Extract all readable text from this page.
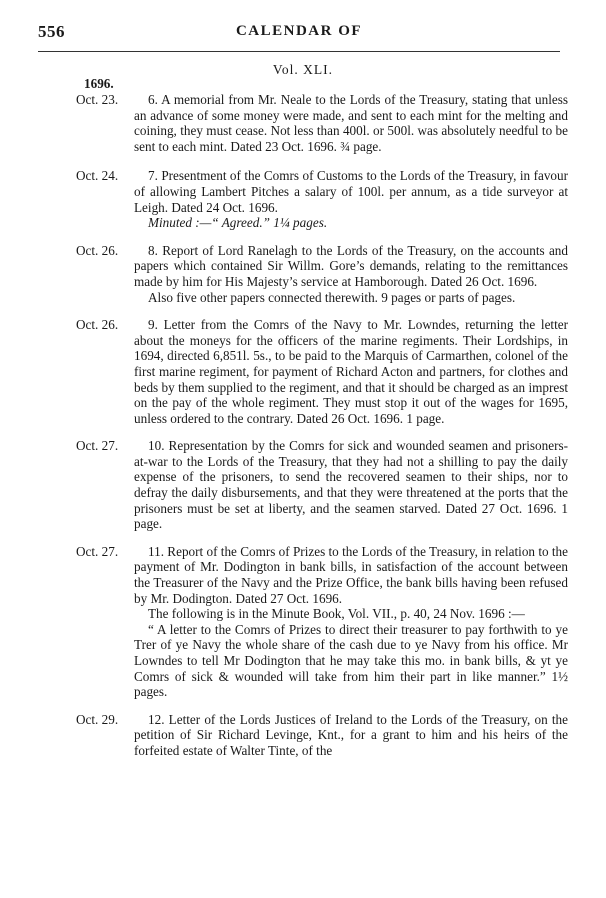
556	CALENDAR OF
Vol. XLI.
1696.
Oct. 23.	6. A memorial from Mr. Neale to the Lords of the Treasury, stating that unless an advance of some money were made, and sent to each mint for the melting and coining, they must cease. Not less than 400l. or 500l. was absolutely needful to be sent to each mint. Dated 23 Oct. 1696. ¾ page.

Oct. 24.	7. Presentment of the Comrs of Customs to the Lords of the Treasury, in favour of allowing Lambert Pitches a salary of 100l. per annum, as a tide surveyor at Leigh. Dated 24 Oct. 1696.

Minuted :—“ Agreed.” 1¼ pages.

Oct. 26.	8. Report of Lord Ranelagh to the Lords of the Treasury, on the accounts and papers which contained Sir Willm. Gore’s demands, relating to the remittances made by him for His Majesty’s service at Hamborough. Dated 26 Oct. 1696.

Also five other papers connected therewith. 9 pages or parts of pages.

Oct. 26.	9. Letter from the Comrs of the Navy to Mr. Lowndes, returning the letter about the moneys for the officers of the marine regiments. Their Lordships, in 1694, directed 6,851l. 5s., to be paid to the Marquis of Carmarthen, colonel of the first marine regiment, for payment of Richard Acton and partners, for clothes and beds by them supplied to the regiment, and that it should be charged as an imprest on the pay of the whole regiment. They must stop it out of the wages for 1695, unless ordered to the contrary. Dated 26 Oct. 1696. 1 page.

Oct. 27.	10. Representation by the Comrs for sick and wounded seamen and prisoners-at-war to the Lords of the Treasury, that they had not a shilling to pay the daily expense of the prisoners, to send the recovered seamen to their ships, nor to defray the daily disbursements, and that they were threatened at the ports that the prisoners must be set at liberty, and the seamen starved. Dated 27 Oct. 1696. 1 page.

Oct. 27.	11. Report of the Comrs of Prizes to the Lords of the Treasury, in relation to the payment of Mr. Dodington in bank bills, in satisfaction of the account between the Treasurer of the Navy and the Prize Office, the bank bills having been refused by Mr. Dodington. Dated 27 Oct. 1696.

The following is in the Minute Book, Vol. VII., p. 40, 24 Nov. 1696 :—

“ A letter to the Comrs of Prizes to direct their treasurer to pay forthwith to ye Trer of ye Navy the whole share of the cash due to ye Navy from his office. Mr Lowndes to tell Mr Dodington that he may take this mo. in bank bills, & yt ye Comrs of sick & wounded will take from him their part in like manner.” 1½ pages.

Oct. 29.	12. Letter of the Lords Justices of Ireland to the Lords of the Treasury, on the petition of Sir Richard Levinge, Knt., for a grant to him and his heirs of the forfeited estate of Walter Tinte, of the
